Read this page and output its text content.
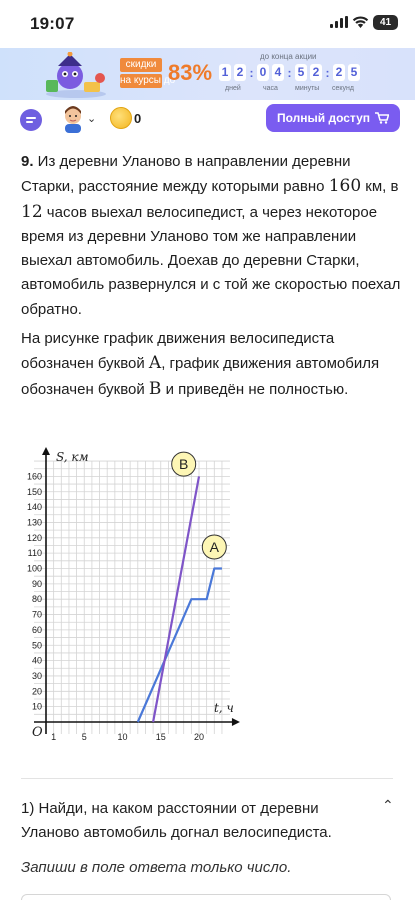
19:07	41
скидки
на курсы до
83%
до конца акции
1 2 : 0 4 : 5 2 : 2 5
дней	часа минуты секунд
⌄	0	Полный доступ
9. Из деревни Уланово в направлении деревни Старки, расстояние между которыми равно 160 км, в 12 часов выехал велосипедист, а через некоторое время из деревни Уланово том же направлении выехал автомобиль. Доехав до деревни Старки, автомобиль развернулся и с той же скоростью поехал обратно.
На рисунке график движения велосипедиста обозначен буквой A, график движения автомобиля обозначен буквой B и приведён не полностью.
10
20
30
40
50
60
70
80
90
100
110
120
130
140
150
160
1	5	10	15	20
S, км
t, ч
O
B
A
1) Найди, на каком расстоянии от деревни Уланово автомобиль догнал велосипедиста.
⌃
Запиши в поле ответа только число.
